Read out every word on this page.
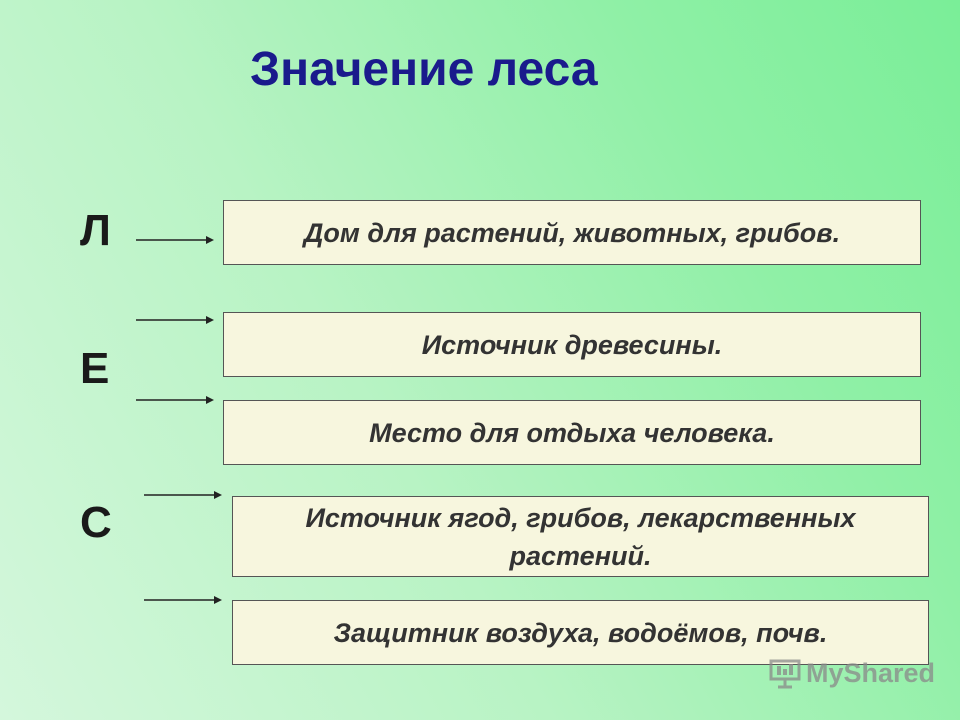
Значение леса
Л
Е
С
Дом для растений, животных, грибов.
Источник древесины.
Место для отдыха человека.
Источник ягод, грибов, лекарственных растений.
Защитник воздуха, водоёмов, почв.
MyShared
